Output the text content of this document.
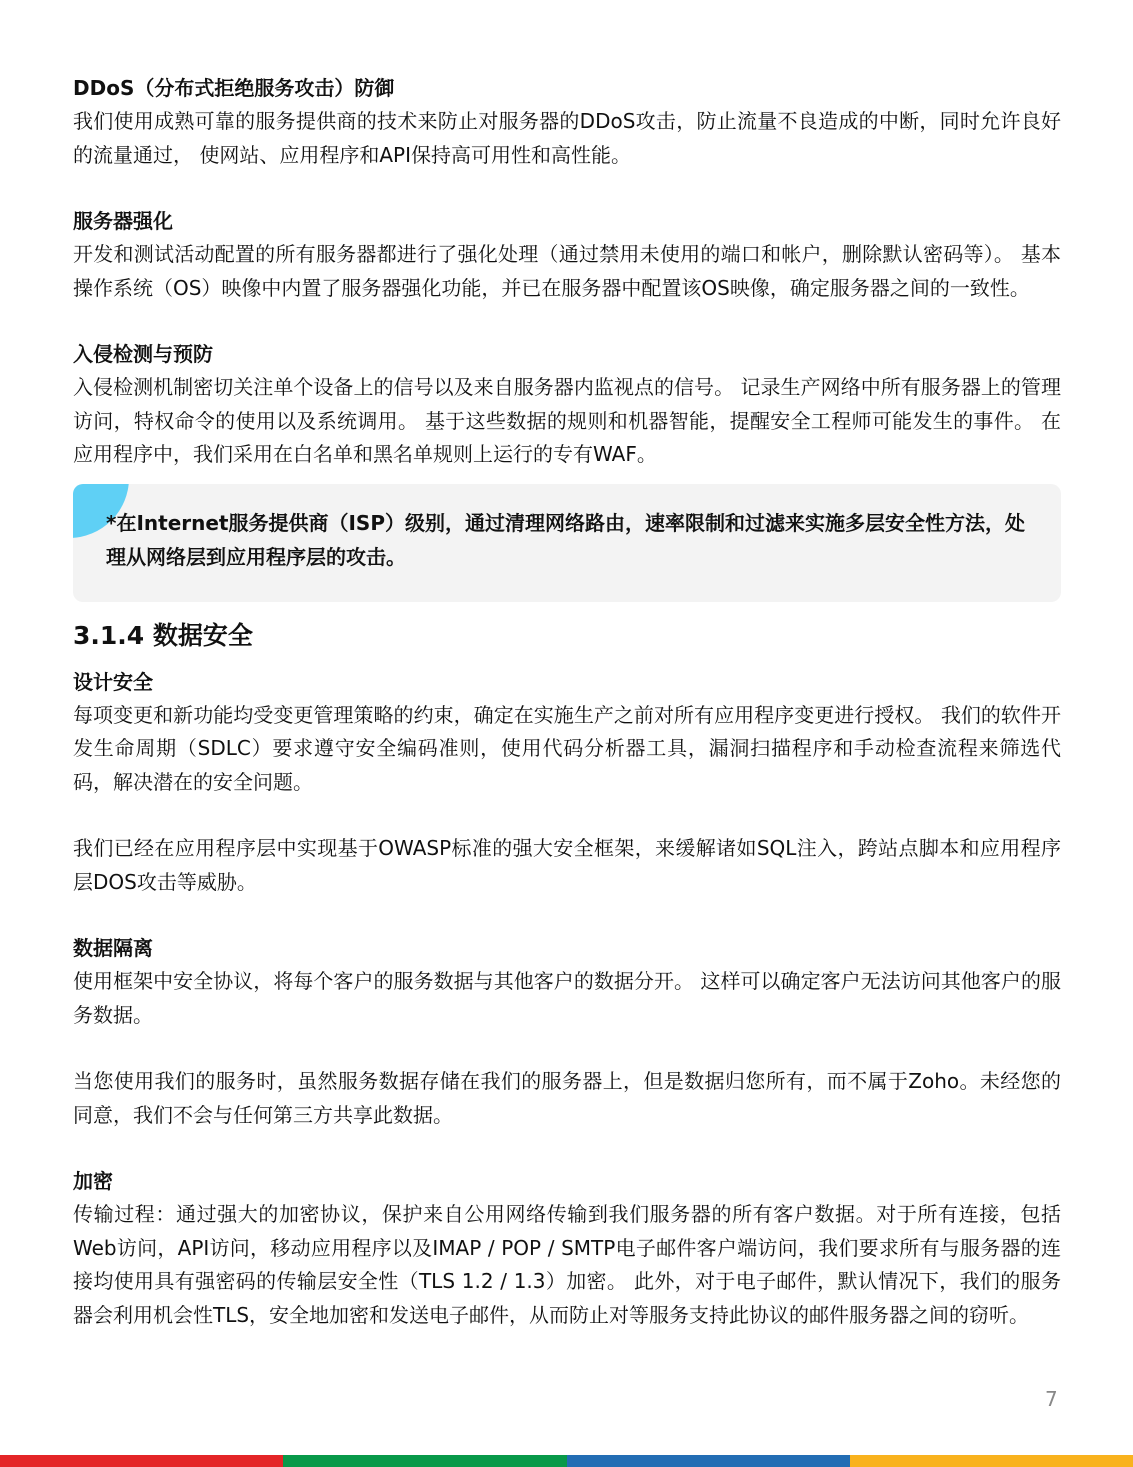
DDoS（分布式拒绝服务攻击）防御

我们使用成熟可靠的服务提供商的技术来防止对服务器的DDoS攻击，防止流量不良造成的中断，同时允许良好的流量通过， 使网站、应用程序和API保持高可用性和高性能。

服务器强化

开发和测试活动配置的所有服务器都进行了强化处理（通过禁用未使用的端口和帐户，删除默认密码等）。 基本操作系统（OS）映像中内置了服务器强化功能，并已在服务器中配置该OS映像，确定服务器之间的一致性。

入侵检测与预防

入侵检测机制密切关注单个设备上的信号以及来自服务器内监视点的信号。 记录生产网络中所有服务器上的管理访问，特权命令的使用以及系统调用。 基于这些数据的规则和机器智能，提醒安全工程师可能发生的事件。 在应用程序中，我们采用在白名单和黑名单规则上运行的专有WAF。

*在Internet服务提供商（ISP）级别，通过清理网络路由，速率限制和过滤来实施多层安全性方法，处理从网络层到应用程序层的攻击。

3.1.4 数据安全

设计安全

每项变更和新功能均受变更管理策略的约束，确定在实施生产之前对所有应用程序变更进行授权。 我们的软件开发生命周期（SDLC）要求遵守安全编码准则，使用代码分析器工具，漏洞扫描程序和手动检查流程来筛选代码，解决潜在的安全问题。

我们已经在应用程序层中实现基于OWASP标准的强大安全框架，来缓解诸如SQL注入，跨站点脚本和应用程序层DOS攻击等威胁。

数据隔离

使用框架中安全协议，将每个客户的服务数据与其他客户的数据分开。 这样可以确定客户无法访问其他客户的服务数据。

当您使用我们的服务时，虽然服务数据存储在我们的服务器上，但是数据归您所有，而不属于Zoho。未经您的同意，我们不会与任何第三方共享此数据。

加密

传输过程：通过强大的加密协议，保护来自公用网络传输到我们服务器的所有客户数据。对于所有连接，包括Web访问，API访问，移动应用程序以及IMAP / POP / SMTP电子邮件客户端访问，我们要求所有与服务器的连接均使用具有强密码的传输层安全性（TLS 1.2 / 1.3）加密。 此外，对于电子邮件，默认情况下，我们的服务器会利用机会性TLS，安全地加密和发送电子邮件，从而防止对等服务支持此协议的邮件服务器之间的窃听。

7
